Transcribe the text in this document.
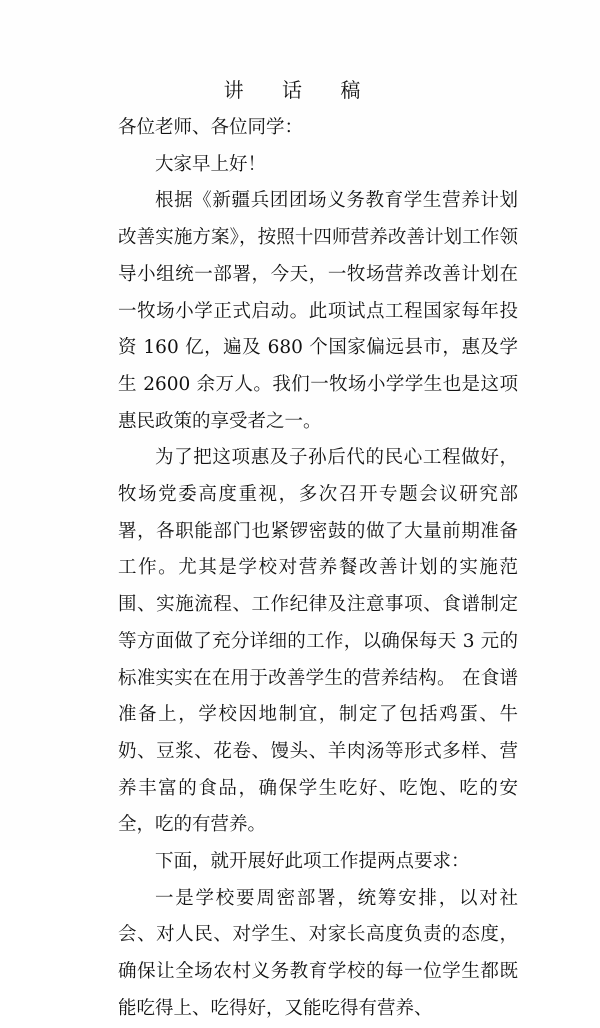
讲 话 稿

各位老师、各位同学：

大家早上好！

根据《新疆兵团团场义务教育学生营养计划改善实施方案》，按照十四师营养改善计划工作领导小组统一部署，今天，一牧场营养改善计划在一牧场小学正式启动。此项试点工程国家每年投资 160 亿，遍及 680 个国家偏远县市，惠及学生 2600 余万人。我们一牧场小学学生也是这项惠民政策的享受者之一。

为了把这项惠及子孙后代的民心工程做好，牧场党委高度重视，多次召开专题会议研究部署，各职能部门也紧锣密鼓的做了大量前期准备工作。尤其是学校对营养餐改善计划的实施范围、实施流程、工作纪律及注意事项、食谱制定等方面做了充分详细的工作，以确保每天 3 元的标准实实在在用于改善学生的营养结构。 在食谱准备上，学校因地制宜，制定了包括鸡蛋、牛奶、豆浆、花卷、馒头、羊肉汤等形式多样、营养丰富的食品，确保学生吃好、吃饱、吃的安全，吃的有营养。

下面，就开展好此项工作提两点要求：

一是学校要周密部署，统筹安排，以对社会、对人民、对学生、对家长高度负责的态度，确保让全场农村义务教育学校的每一位学生都既能吃得上、吃得好，又能吃得有营养、
